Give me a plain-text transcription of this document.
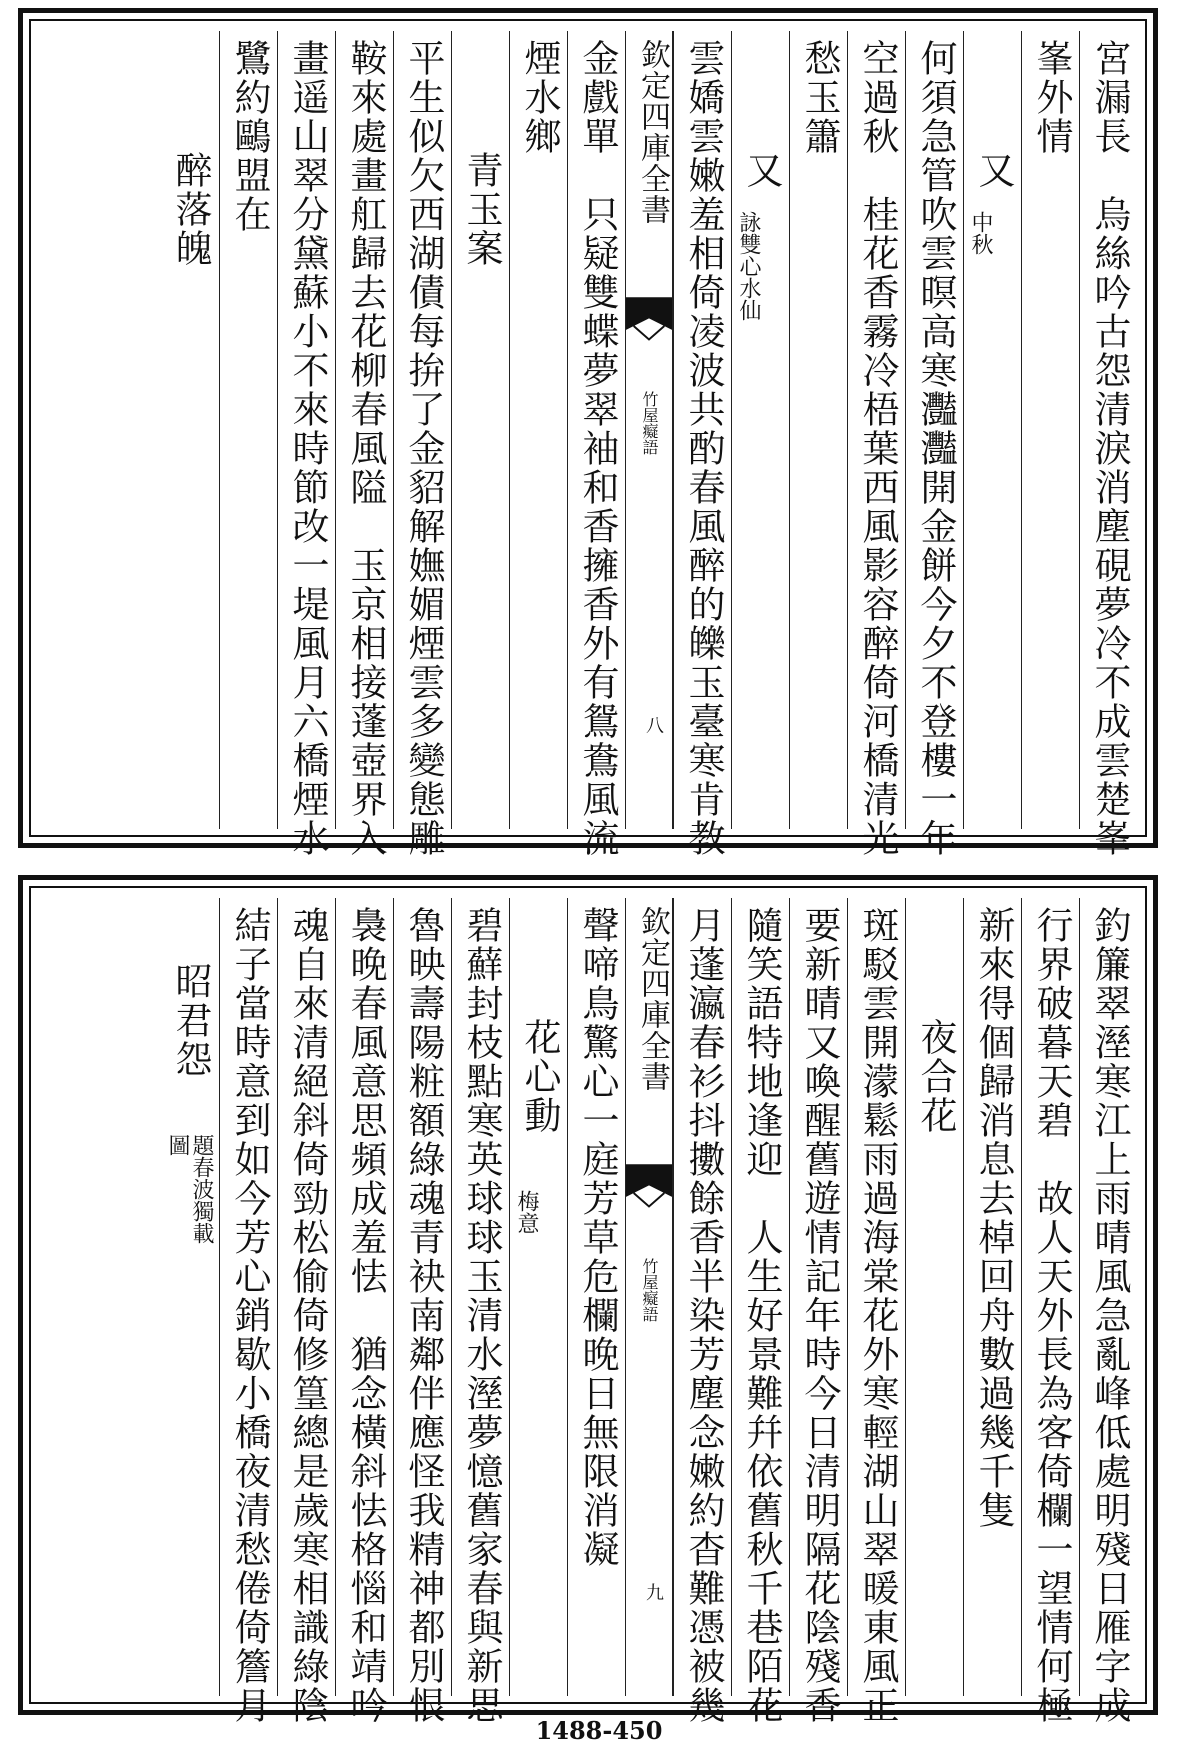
宮漏長　烏絲吟古怨清淚消塵硯夢冷不成雲楚峯
峯外情
又
中秋
何須急管吹雲暝高寒灩灩開金餅今夕不登樓一年
空過秋　桂花香霧冷梧葉西風影容醉倚河橋清光
愁玉簫
又
詠雙心水仙
雲嬌雲嫩羞相倚凌波共酌春風醉的皪玉臺寒肯教
欽定四庫全書
竹屋癡語
八
金戲單　只疑雙蝶夢翠袖和香擁香外有鴛鴦風流
煙水鄉
青玉案
平生似欠西湖債每拚了金貂解嫵媚煙雲多變態雕
鞍來處畫舡歸去花柳春風隘　玉京相接蓬壺界入
畫遥山翠分黛蘇小不來時節改一堤風月六橋煙水
鷺約鷗盟在
醉落魄
釣簾翠溼寒江上雨晴風急亂峰低處明殘日雁字成
行界破暮天碧　故人天外長為客倚欄一望情何極
新來得個歸消息去棹回舟數過幾千隻
夜合花
斑駁雲開濛鬆雨過海棠花外寒輕湖山翠暖東風正
要新晴又喚醒舊遊情記年時今日清明隔花陰殘香
隨笑語特地逢迎　人生好景難幷依舊秋千巷陌花
月蓬瀛春衫抖擻餘香半染芳塵念嫩約杳難憑被幾
欽定四庫全書
竹屋癡語
九
聲啼鳥驚心一庭芳草危欄晚日無限消凝
花心動
梅意
碧蘚封枝點寒英球球玉清水溼夢憶舊家春與新思
魯映壽陽粧額綠魂青袂南鄰伴應怪我精神都別恨
裊晚春風意思頻成羞怯　猶念橫斜怯格惱和靖吟
魂自來清絕斜倚勁松偷倚修篁總是歲寒相識綠陰
結子當時意到如今芳心銷歇小橋夜清愁倦倚簷月
昭君怨
題春波獨載圖
1488-450
